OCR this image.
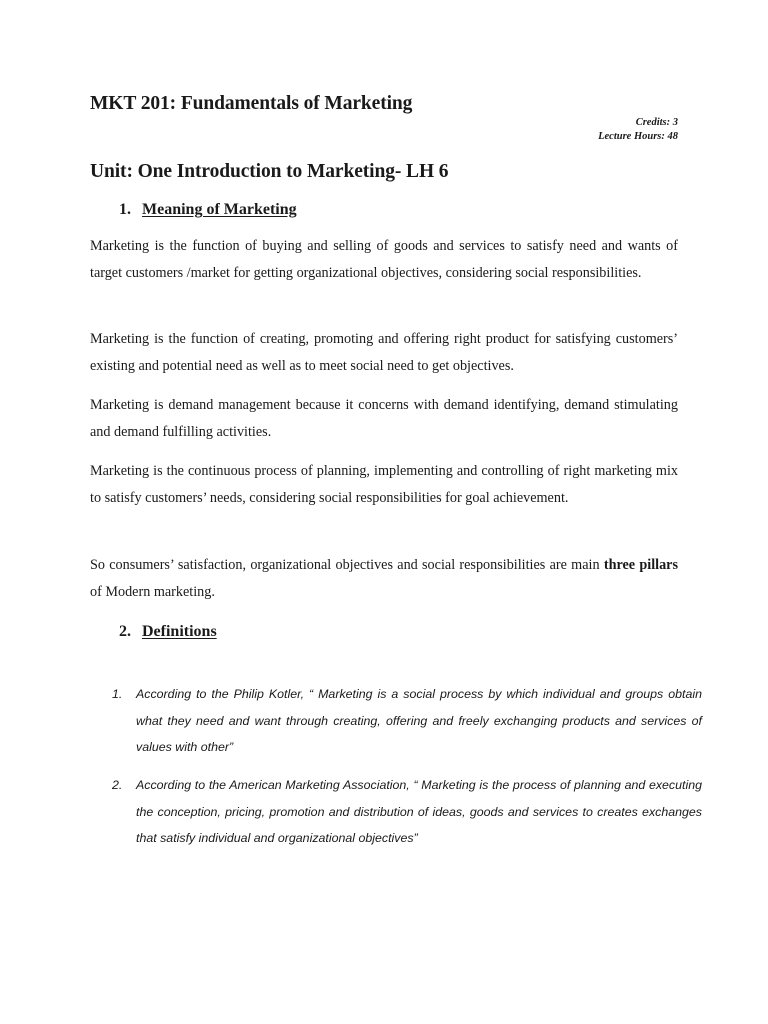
MKT 201: Fundamentals of Marketing
Credits: 3
Lecture Hours: 48
Unit: One Introduction to Marketing- LH 6
1. Meaning of Marketing
Marketing is the function of buying and selling of goods and services to satisfy need and wants of target customers /market for getting organizational objectives, considering social responsibilities.
Marketing is the function of creating, promoting and offering right product for satisfying customers’ existing and potential need as well as to meet social need to get objectives.
Marketing is demand management because it concerns with demand identifying, demand stimulating and demand fulfilling activities.
Marketing is the continuous process of planning, implementing and controlling of right marketing mix to satisfy customers’ needs, considering social responsibilities for goal achievement.
So consumers’ satisfaction, organizational objectives and social responsibilities are main three pillars of Modern marketing.
2. Definitions
1. According to the Philip Kotler, “ Marketing is a social process by which individual and groups obtain what they need and want through creating, offering and freely exchanging products and services of values with other”
2. According to the American Marketing Association, “ Marketing is the process of planning and executing the conception, pricing, promotion and distribution of ideas, goods and services to creates exchanges that satisfy individual and organizational objectives”
